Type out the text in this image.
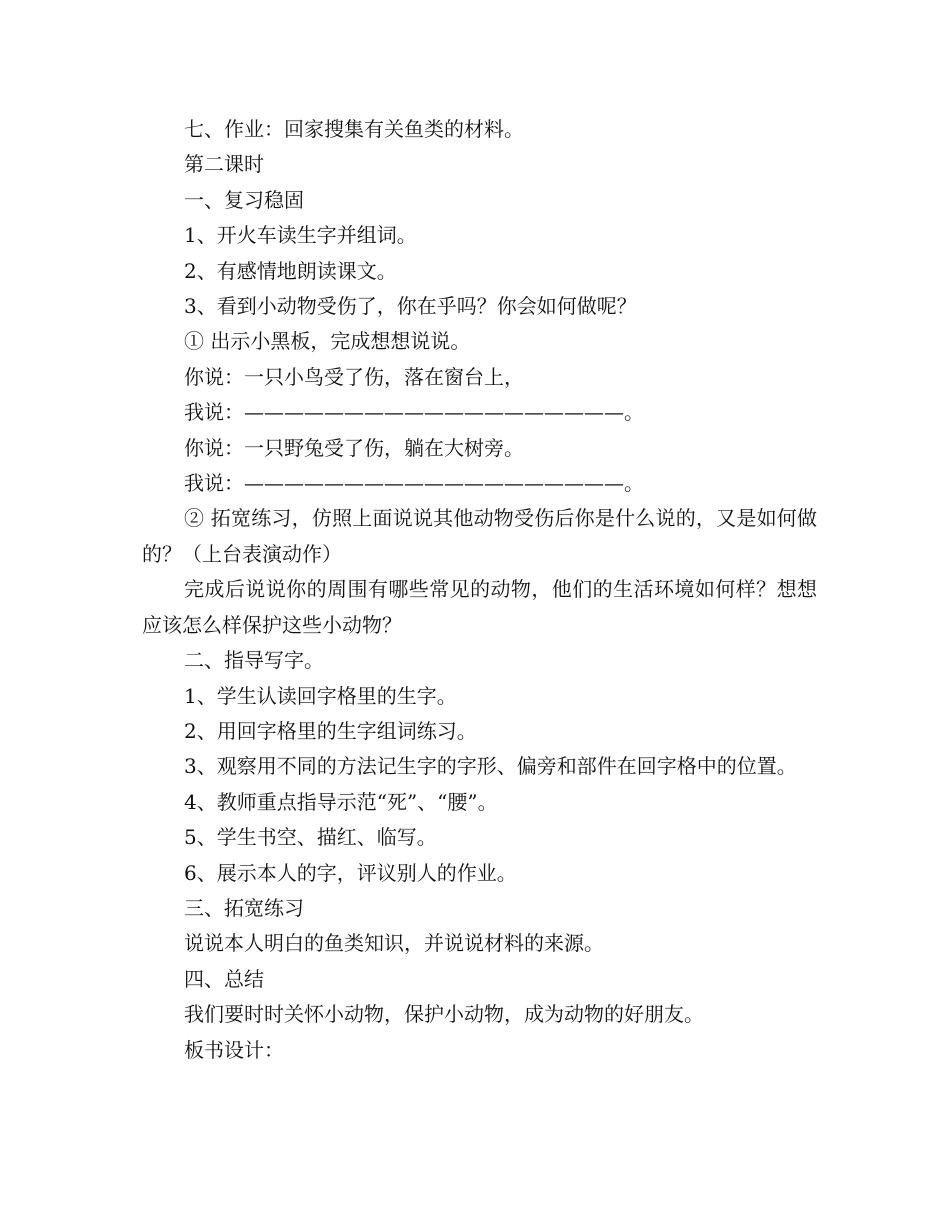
七、作业：回家搜集有关鱼类的材料。

第二课时

一、复习稳固

1、开火车读生字并组词。

2、有感情地朗读课文。

3、看到小动物受伤了，你在乎吗？你会如何做呢？

① 出示小黑板，完成想想说说。

你说：一只小鸟受了伤，落在窗台上，

我说：———————————————————。

你说：一只野兔受了伤，躺在大树旁。

我说：———————————————————。

② 拓宽练习，仿照上面说说其他动物受伤后你是什么说的，又是如何做的？（上台表演动作）

完成后说说你的周围有哪些常见的动物，他们的生活环境如何样？想想应该怎么样保护这些小动物？

二、指导写字。

1、学生认读回字格里的生字。

2、用回字格里的生字组词练习。

3、观察用不同的方法记生字的字形、偏旁和部件在回字格中的位置。

4、教师重点指导示范“死”、“腰”。

5、学生书空、描红、临写。

6、展示本人的字，评议别人的作业。

三、拓宽练习

说说本人明白的鱼类知识，并说说材料的来源。

四、总结

我们要时时关怀小动物，保护小动物，成为动物的好朋友。

板书设计：
